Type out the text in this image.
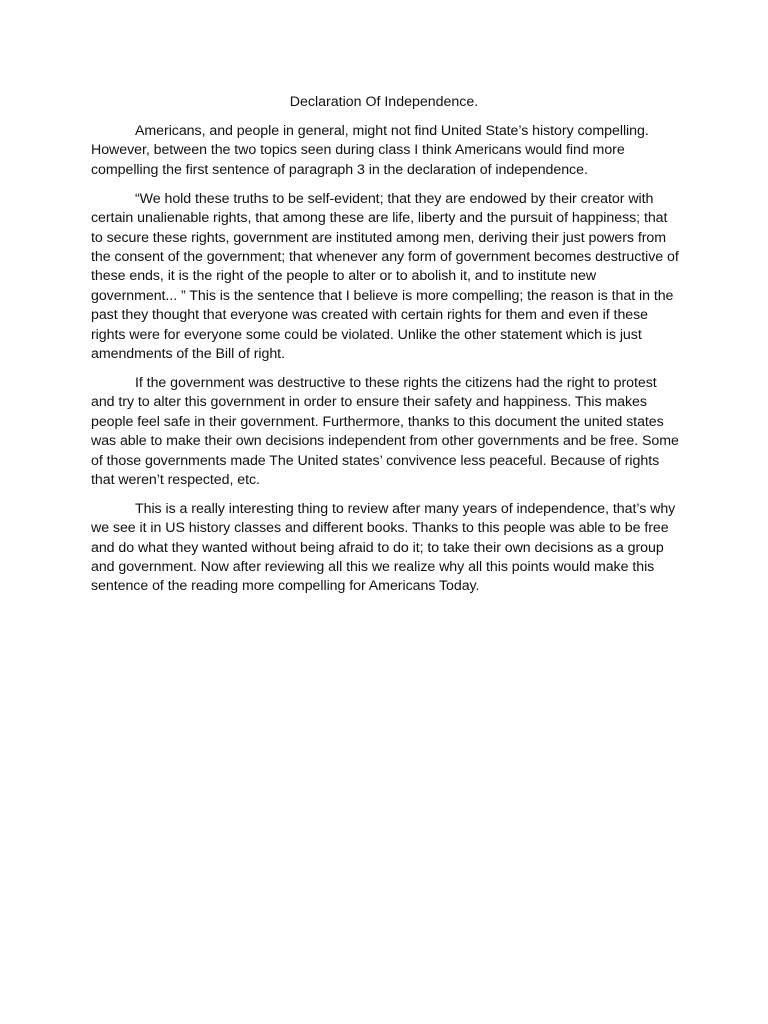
Declaration Of Independence.

Americans, and people in general, might not find United State’s history compelling. However, between the two topics seen during class I think Americans would find more compelling the first sentence of paragraph 3 in the declaration of independence.

“We hold these truths to be self-evident; that they are endowed by their creator with certain unalienable rights, that among these are life, liberty and the pursuit of happiness; that to secure these rights, government are instituted among men, deriving their just powers from the consent of the government; that whenever any form of government becomes destructive of these ends, it is the right of the people to alter or to abolish it, and to institute new government... ” This is the sentence that I believe is more compelling; the reason is that in the past they thought that everyone was created with certain rights for them and even if these rights were for everyone some could be violated. Unlike the other statement which is just amendments of the Bill of right.

If the government was destructive to these rights the citizens had the right to protest and try to alter this government in order to ensure their safety and happiness. This makes people feel safe in their government. Furthermore, thanks to this document the united states was able to make their own decisions independent from other governments and be free. Some of those governments made The United states’ convivence less peaceful. Because of rights that weren’t respected, etc.

This is a really interesting thing to review after many years of independence, that’s why we see it in US history classes and different books. Thanks to this people was able to be free and do what they wanted without being afraid to do it; to take their own decisions as a group and government. Now after reviewing all this we realize why all this points would make this sentence of the reading more compelling for Americans Today.
